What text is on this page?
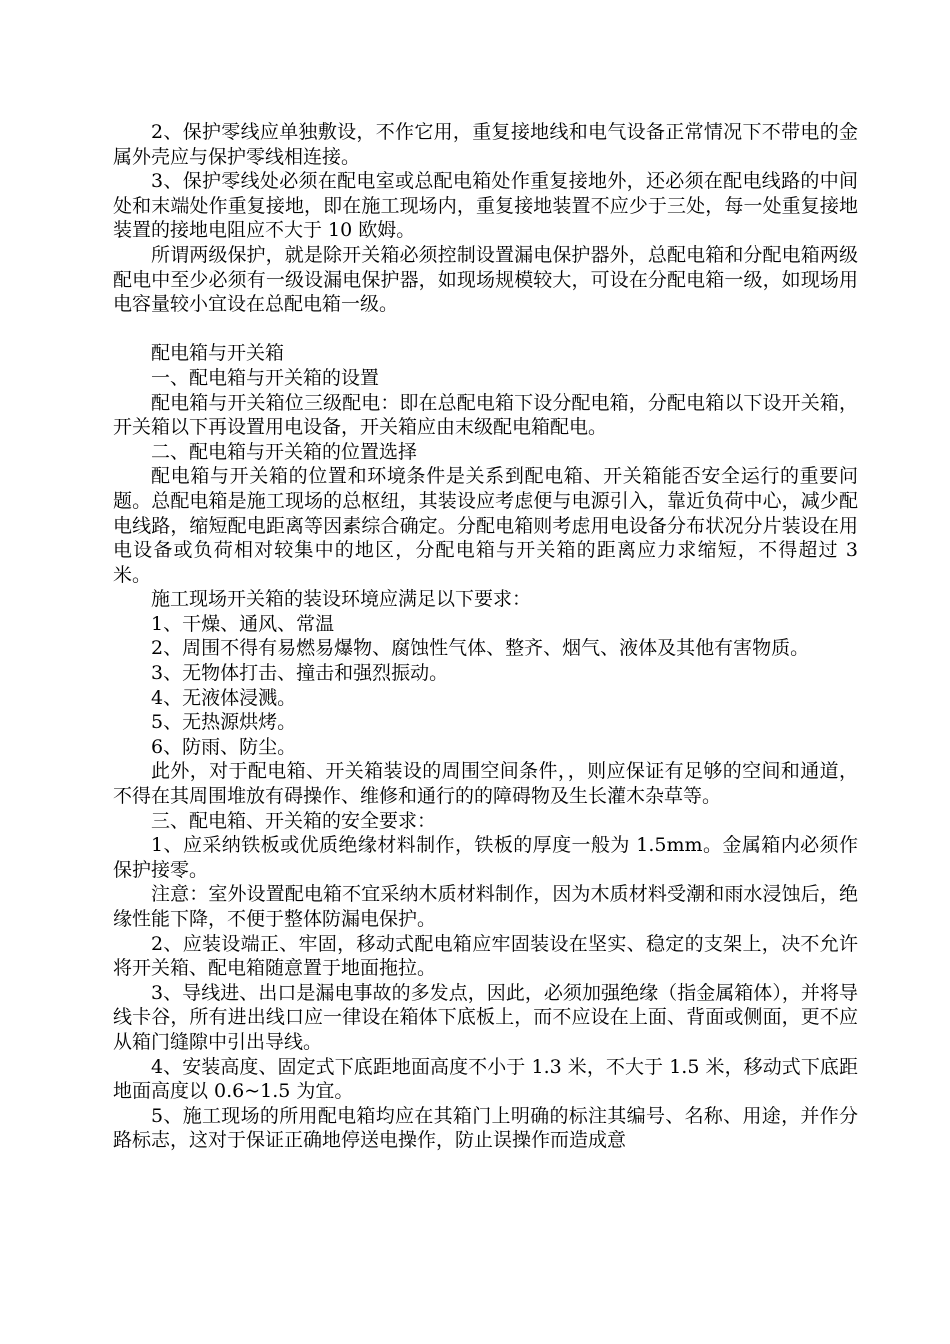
2、保护零线应单独敷设，不作它用，重复接地线和电气设备正常情况下不带电的金属外壳应与保护零线相连接。

3、保护零线处必须在配电室或总配电箱处作重复接地外，还必须在配电线路的中间处和末端处作重复接地，即在施工现场内，重复接地装置不应少于三处，每一处重复接地装置的接地电阻应不大于 10 欧姆。

所谓两级保护，就是除开关箱必须控制设置漏电保护器外，总配电箱和分配电箱两级配电中至少必须有一级设漏电保护器，如现场规模较大，可设在分配电箱一级，如现场用电容量较小宜设在总配电箱一级。

配电箱与开关箱

一、配电箱与开关箱的设置

配电箱与开关箱位三级配电：即在总配电箱下设分配电箱，分配电箱以下设开关箱，开关箱以下再设置用电设备，开关箱应由末级配电箱配电。

二、配电箱与开关箱的位置选择

配电箱与开关箱的位置和环境条件是关系到配电箱、开关箱能否安全运行的重要问题。总配电箱是施工现场的总枢纽，其装设应考虑便与电源引入，靠近负荷中心，减少配电线路，缩短配电距离等因素综合确定。分配电箱则考虑用电设备分布状况分片装设在用电设备或负荷相对较集中的地区，分配电箱与开关箱的距离应力求缩短，不得超过 3 米。

施工现场开关箱的装设环境应满足以下要求：

1、干燥、通风、常温

2、周围不得有易燃易爆物、腐蚀性气体、整齐、烟气、液体及其他有害物质。

3、无物体打击、撞击和强烈振动。

4、无液体浸溅。

5、无热源烘烤。

6、防雨、防尘。

此外，对于配电箱、开关箱装设的周围空间条件，，则应保证有足够的空间和通道，不得在其周围堆放有碍操作、维修和通行的的障碍物及生长灌木杂草等。

三、配电箱、开关箱的安全要求：

1、应采纳铁板或优质绝缘材料制作，铁板的厚度一般为 1.5mm。金属箱内必须作保护接零。

注意：室外设置配电箱不宜采纳木质材料制作，因为木质材料受潮和雨水浸蚀后，绝缘性能下降，不便于整体防漏电保护。

2、应装设端正、牢固，移动式配电箱应牢固装设在坚实、稳定的支架上，决不允许将开关箱、配电箱随意置于地面拖拉。

3、导线进、出口是漏电事故的多发点，因此，必须加强绝缘（指金属箱体），并将导线卡谷，所有进出线口应一律设在箱体下底板上，而不应设在上面、背面或侧面，更不应从箱门缝隙中引出导线。

4、安装高度、固定式下底距地面高度不小于 1.3 米，不大于 1.5 米，移动式下底距地面高度以 0.6~1.5 为宜。

5、施工现场的所用配电箱均应在其箱门上明确的标注其编号、名称、用途，并作分路标志，这对于保证正确地停送电操作，防止误操作而造成意
